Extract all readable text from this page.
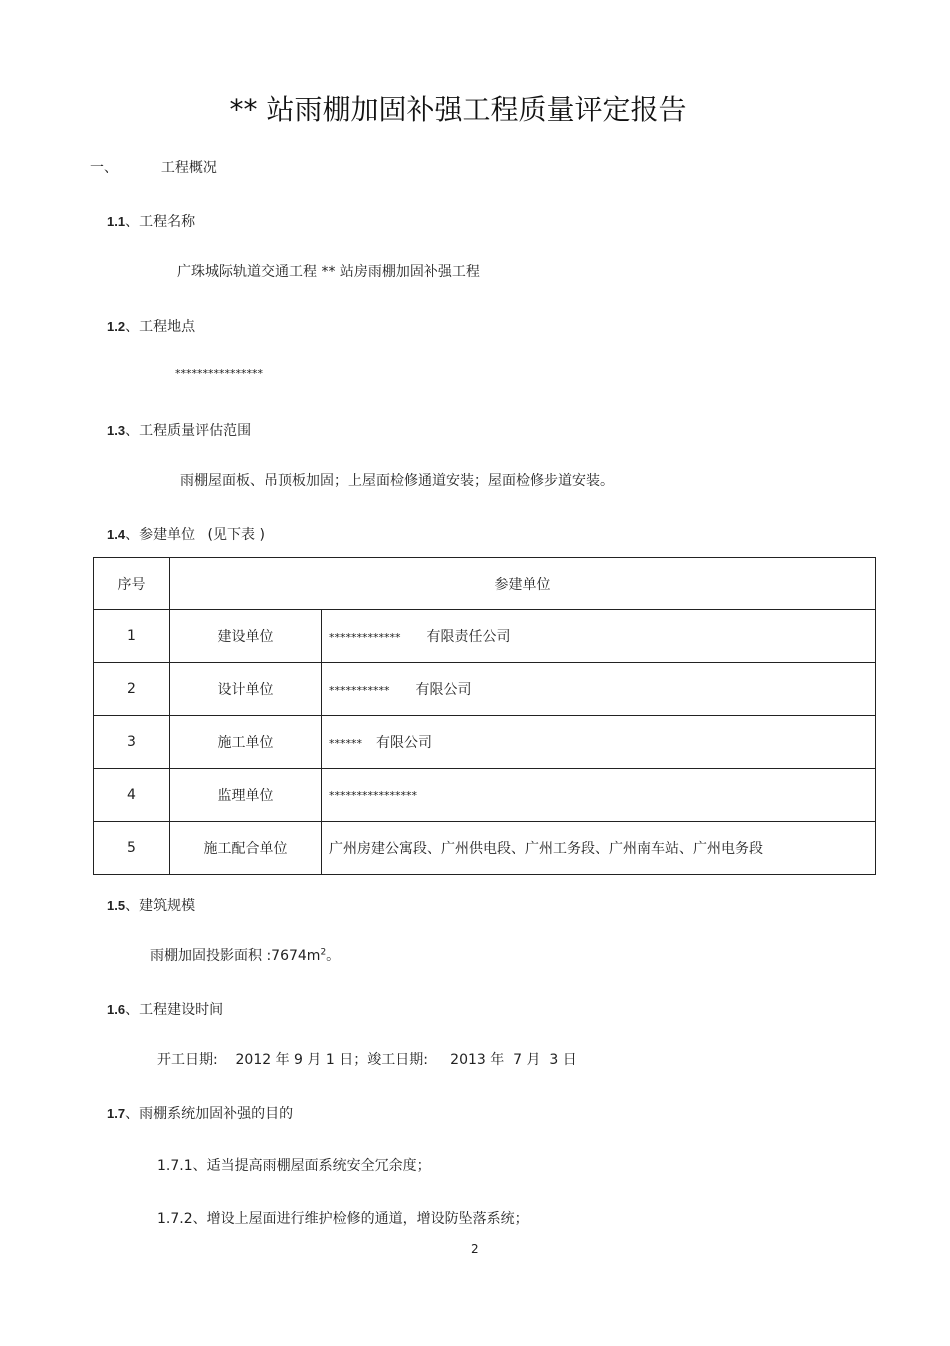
** 站雨棚加固补强工程质量评定报告
一、	工程概况
1.1、工程名称
广珠城际轨道交通工程 ** 站房雨棚加固补强工程
1.2、工程地点
****************
1.3、工程质量评估范围
雨棚屋面板、吊顶板加固；上屋面检修通道安装；屋面检修步道安装。
1.4、参建单位 (见下表 )
序号	参建单位	
1	建设单位	************* 有限责任公司
2	设计单位	*********** 有限公司
3	施工单位	****** 有限公司
4	监理单位	****************
5	施工配合单位	广州房建公寓段、广州供电段、广州工务段、广州南车站、广州电务段
1.5、建筑规模
雨棚加固投影面积 $:7674m^2$。
1.6、工程建设时间
开工日期:    2012 年 9 月 1 日；竣工日期:     2013 年  7 月  3 日
1.7、雨棚系统加固补强的目的
1.7.1、适当提高雨棚屋面系统安全冗余度；
1.7.2、增设上屋面进行维护检修的通道，增设防坠落系统；
2
